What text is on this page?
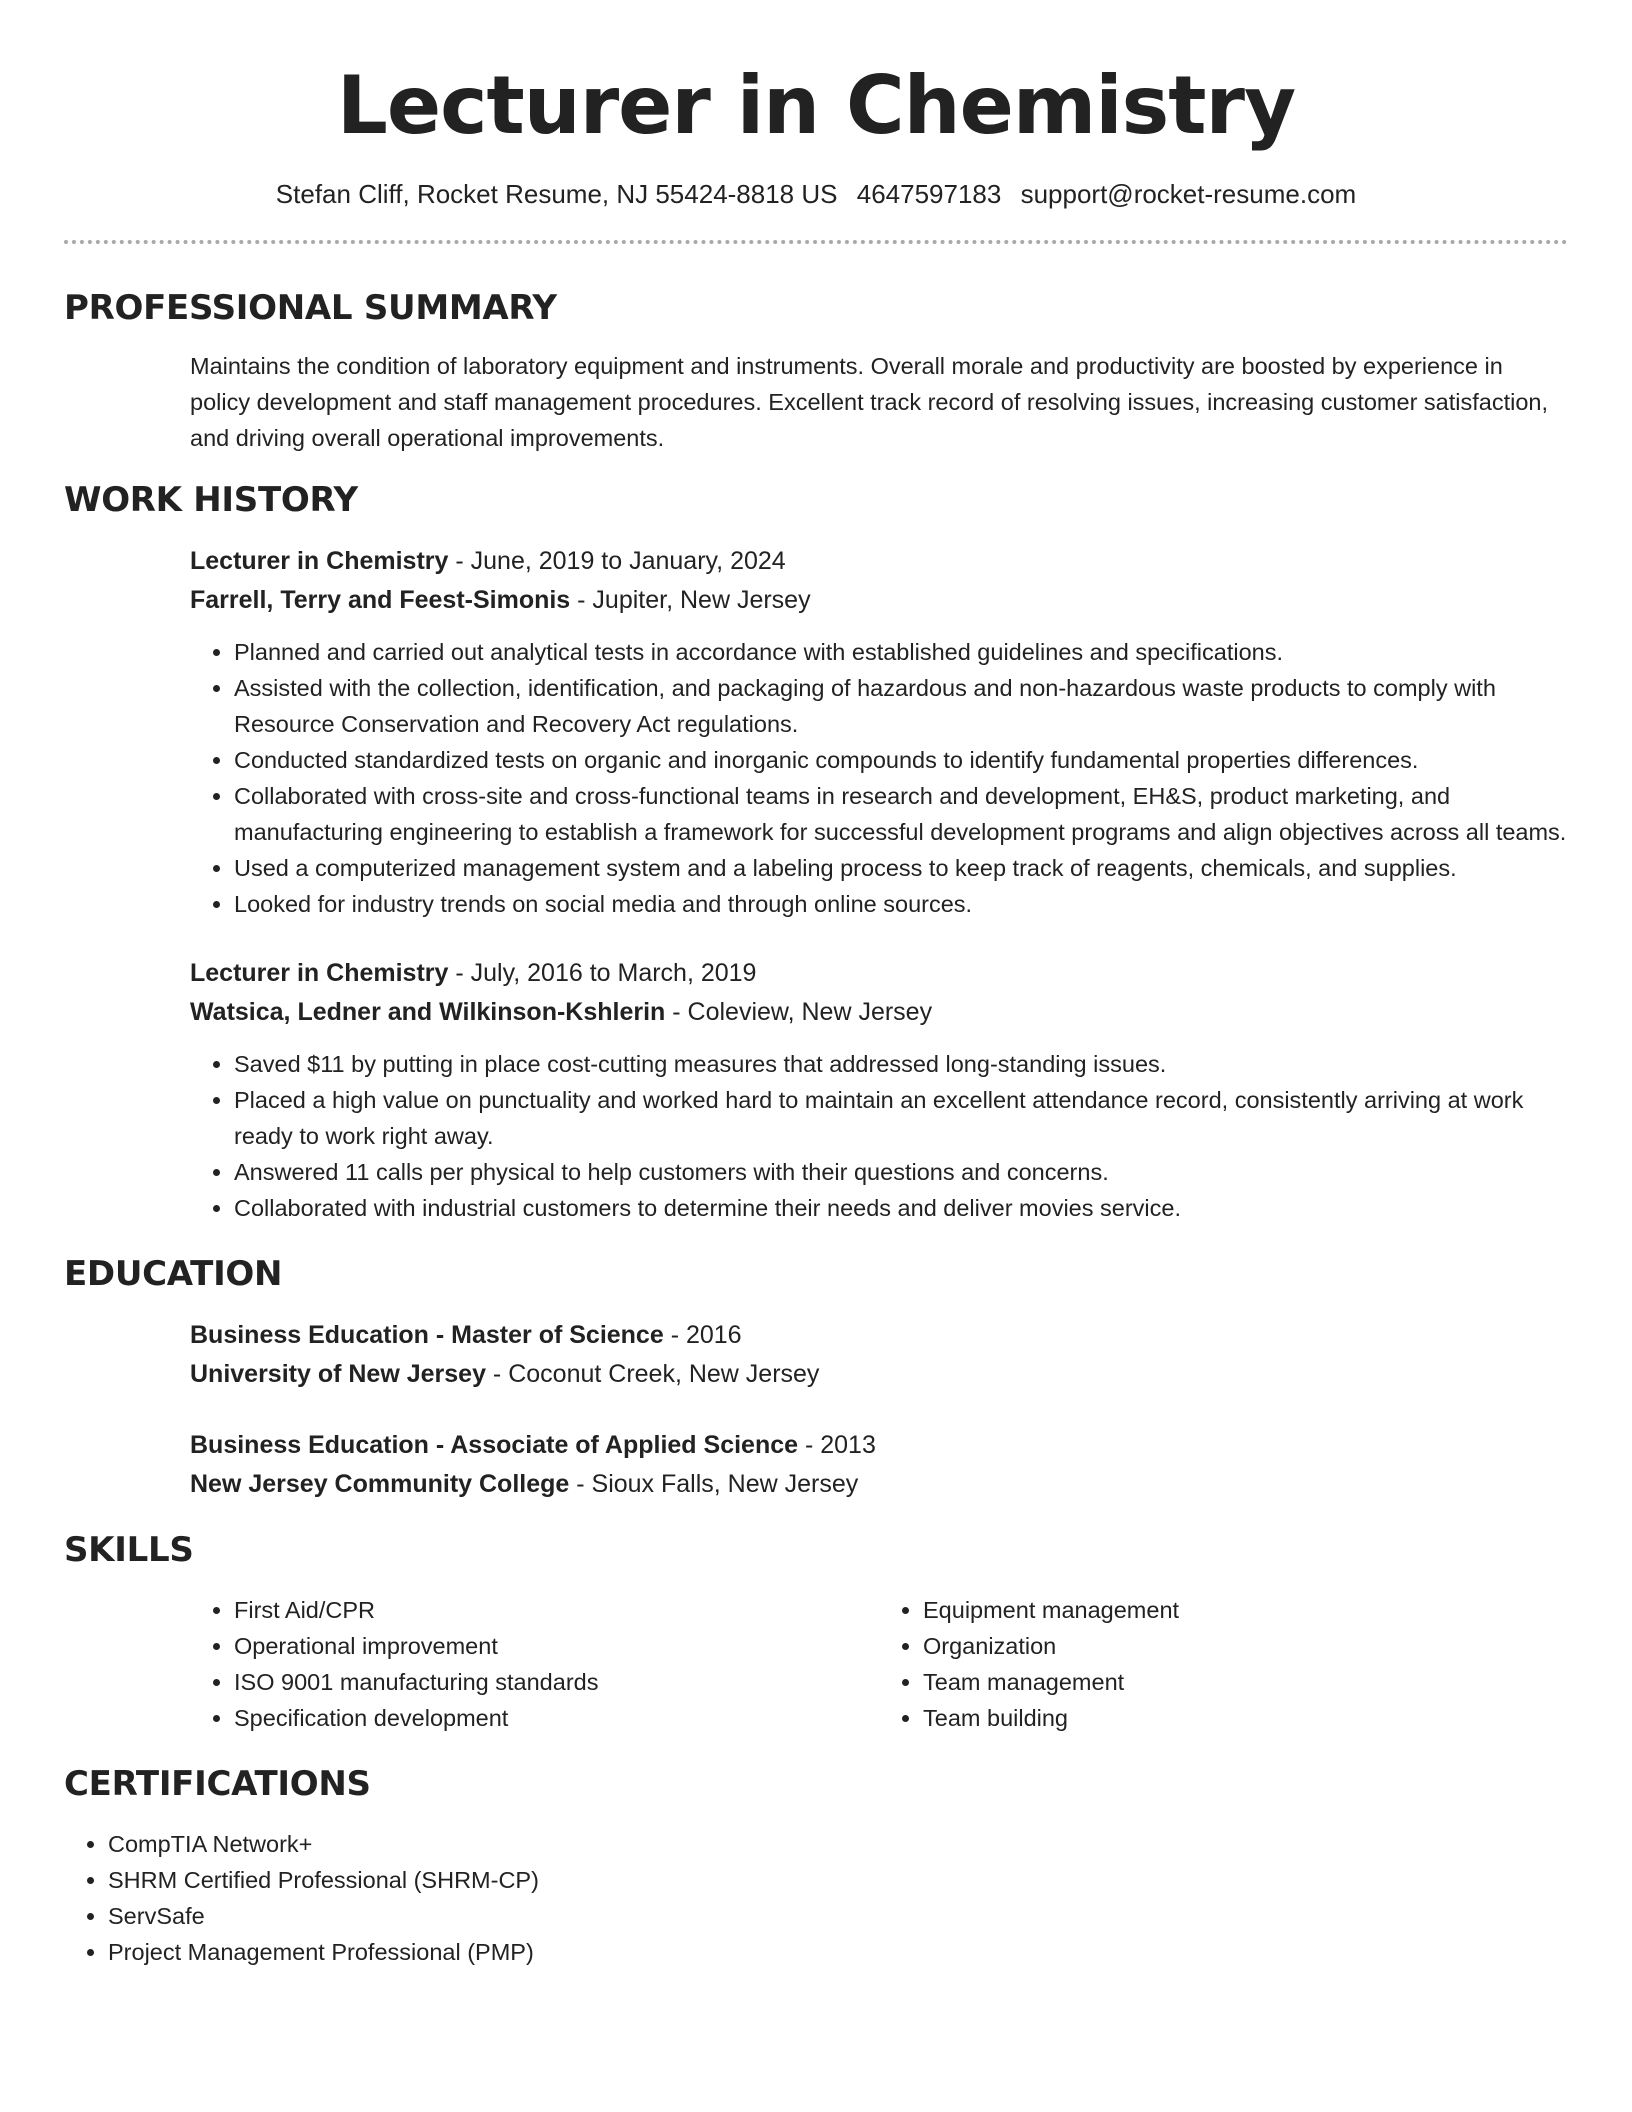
Lecturer in Chemistry
Stefan Cliff, Rocket Resume, NJ 55424-8818 US 4647597183 support@rocket-resume.com
PROFESSIONAL SUMMARY

Maintains the condition of laboratory equipment and instruments. Overall morale and productivity are boosted by experience in policy development and staff management procedures. Excellent track record of resolving issues, increasing customer satisfaction, and driving overall operational improvements.

WORK HISTORY
Lecturer in Chemistry - June, 2019 to January, 2024
Farrell, Terry and Feest-Simonis - Jupiter, New Jersey
• Planned and carried out analytical tests in accordance with established guidelines and specifications.
• Assisted with the collection, identification, and packaging of hazardous and non-hazardous waste products to comply with Resource Conservation and Recovery Act regulations.
• Conducted standardized tests on organic and inorganic compounds to identify fundamental properties differences.
• Collaborated with cross-site and cross-functional teams in research and development, EH&S, product marketing, and manufacturing engineering to establish a framework for successful development programs and align objectives across all teams.
• Used a computerized management system and a labeling process to keep track of reagents, chemicals, and supplies.
• Looked for industry trends on social media and through online sources.
Lecturer in Chemistry - July, 2016 to March, 2019
Watsica, Ledner and Wilkinson-Kshlerin - Coleview, New Jersey
• Saved $11 by putting in place cost-cutting measures that addressed long-standing issues.
• Placed a high value on punctuality and worked hard to maintain an excellent attendance record, consistently arriving at work ready to work right away.
• Answered 11 calls per physical to help customers with their questions and concerns.
• Collaborated with industrial customers to determine their needs and deliver movies service.
EDUCATION
Business Education - Master of Science - 2016
University of New Jersey - Coconut Creek, New Jersey
Business Education - Associate of Applied Science - 2013
New Jersey Community College - Sioux Falls, New Jersey
SKILLS
• First Aid/CPR
• Operational improvement
• ISO 9001 manufacturing standards
• Specification development
• Equipment management
• Organization
• Team management
• Team building
CERTIFICATIONS
• CompTIA Network+
• SHRM Certified Professional (SHRM-CP)
• ServSafe
• Project Management Professional (PMP)
